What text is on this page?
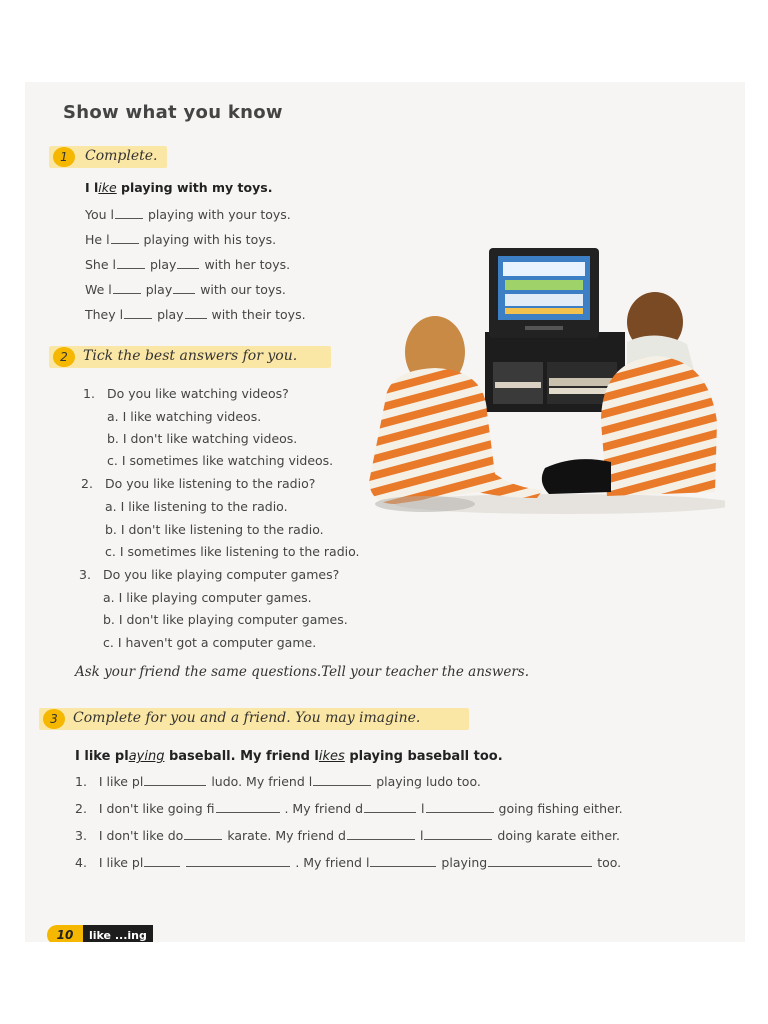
Show what you know
1	Complete.
I like playing with my toys.
You l	playing with your toys.
He l	playing with his toys.
She l	play with her toys.
We l	play with our toys.
They l	play with their toys.
2	Tick the best answers for you.
1. Do you like watching videos?
a. I like watching videos.
b. I don't like watching videos.
c. I sometimes like watching videos.
2. Do you like listening to the radio?
a. I like listening to the radio.
b. I don't like listening to the radio.
c. I sometimes like listening to the radio.
3. Do you like playing computer games?
a. I like playing computer games.
b. I don't like playing computer games.
c. I haven't got a computer game.
Ask your friend the same questions.Tell your teacher the answers.
3	Complete for you and a friend. You may imagine.
I like playing baseball. My friend likes playing baseball too.
1. I like pl	ludo. My friend l	playing ludo too.
2. I don't like going fi	. My friend d	l	going fishing either.
3. I don't like do	karate. My friend d	l	doing karate either.
4. I like pl	. My friend l	playing	too.
10	like ...ing
